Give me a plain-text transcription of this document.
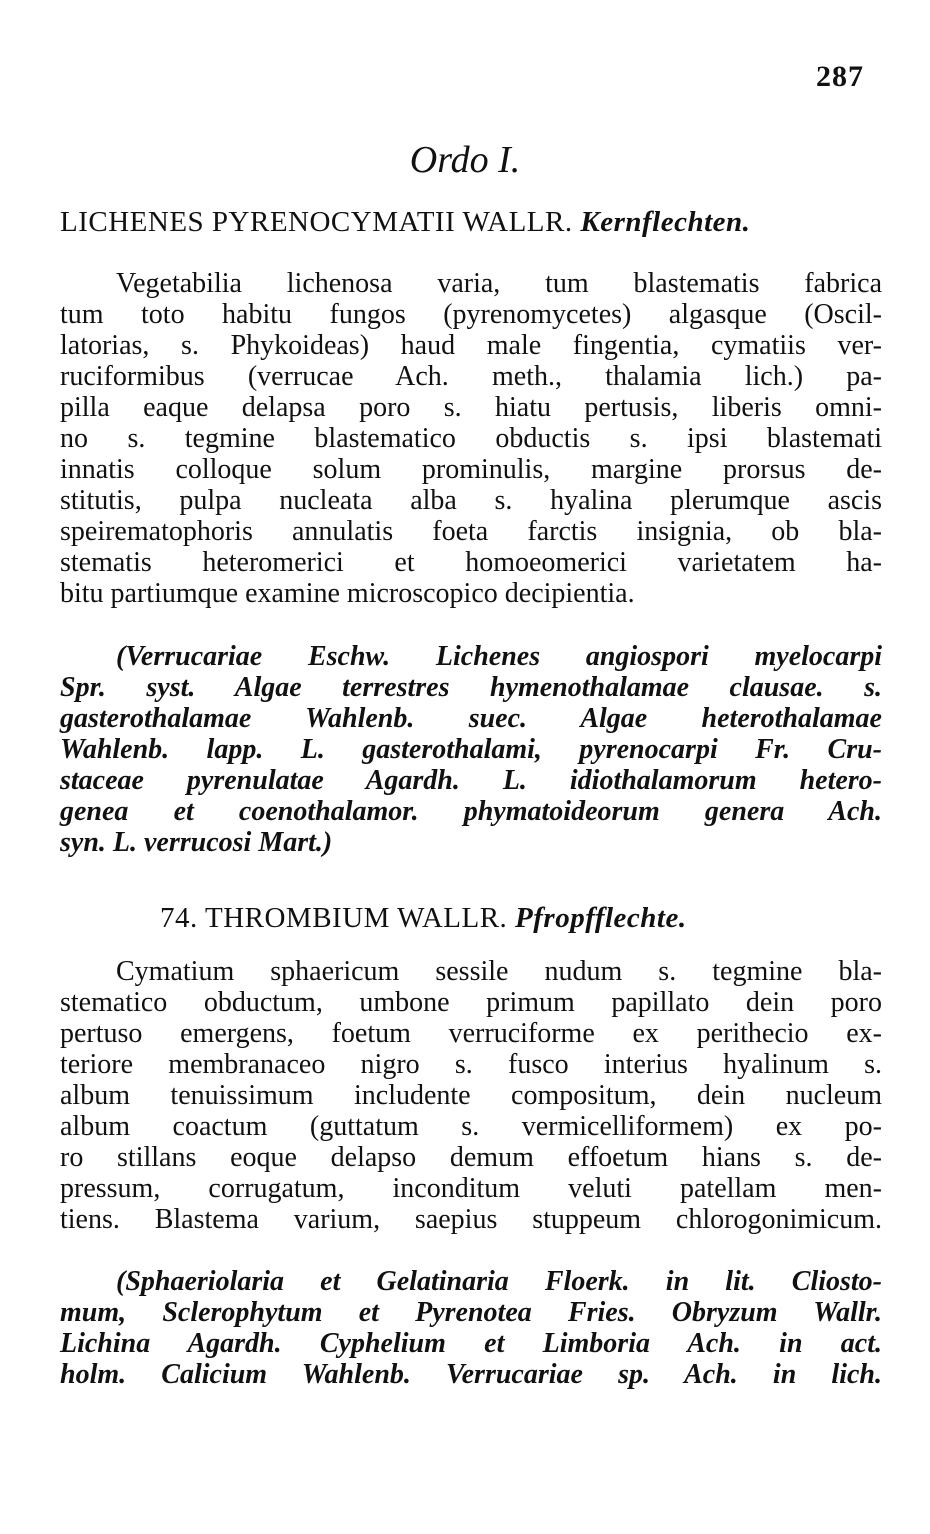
287
Ordo I.
LICHENES PYRENOCYMATII WALLR. Kernflechten.
Vegetabilia lichenosa varia, tum blastematis fabrica
tum toto habitu fungos (pyrenomycetes) algasque (Oscil-
latorias, s. Phykoideas) haud male fingentia, cymatiis ver-
ruciformibus (verrucae Ach. meth., thalamia lich.) pa-
pilla eaque delapsa poro s. hiatu pertusis, liberis omni-
no s. tegmine blastematico obductis s. ipsi blastemati
innatis colloque solum prominulis, margine prorsus de-
stitutis, pulpa nucleata alba s. hyalina plerumque ascis
speirematophoris annulatis foeta farctis insignia, ob bla-
stematis heteromerici et homoeomerici varietatem ha-
bitu partiumque examine microscopico decipientia.
(Verrucariae Eschw. Lichenes angiospori myelocarpi
Spr. syst. Algae terrestres hymenothalamae clausae. s.
gasterothalamae Wahlenb. suec. Algae heterothalamae
Wahlenb. lapp. L. gasterothalami, pyrenocarpi Fr. Cru-
staceae pyrenulatae Agardh. L. idiothalamorum hetero-
genea et coenothalamor. phymatoideorum genera Ach.
syn. L. verrucosi Mart.)
74. THROMBIUM WALLR. Pfropfflechte.
Cymatium sphaericum sessile nudum s. tegmine bla-
stematico obductum, umbone primum papillato dein poro
pertuso emergens, foetum verruciforme ex perithecio ex-
teriore membranaceo nigro s. fusco interius hyalinum s.
album tenuissimum includente compositum, dein nucleum
album coactum (guttatum s. vermicelliformem) ex po-
ro stillans eoque delapso demum effoetum hians s. de-
pressum, corrugatum, inconditum veluti patellam men-
tiens. Blastema varium, saepius stuppeum chlorogonimicum.
(Sphaeriolaria et Gelatinaria Floerk. in lit. Cliosto-
mum, Sclerophytum et Pyrenotea Fries. Obryzum Wallr.
Lichina Agardh. Cyphelium et Limboria Ach. in act.
holm. Calicium Wahlenb. Verrucariae sp. Ach. in lich.
